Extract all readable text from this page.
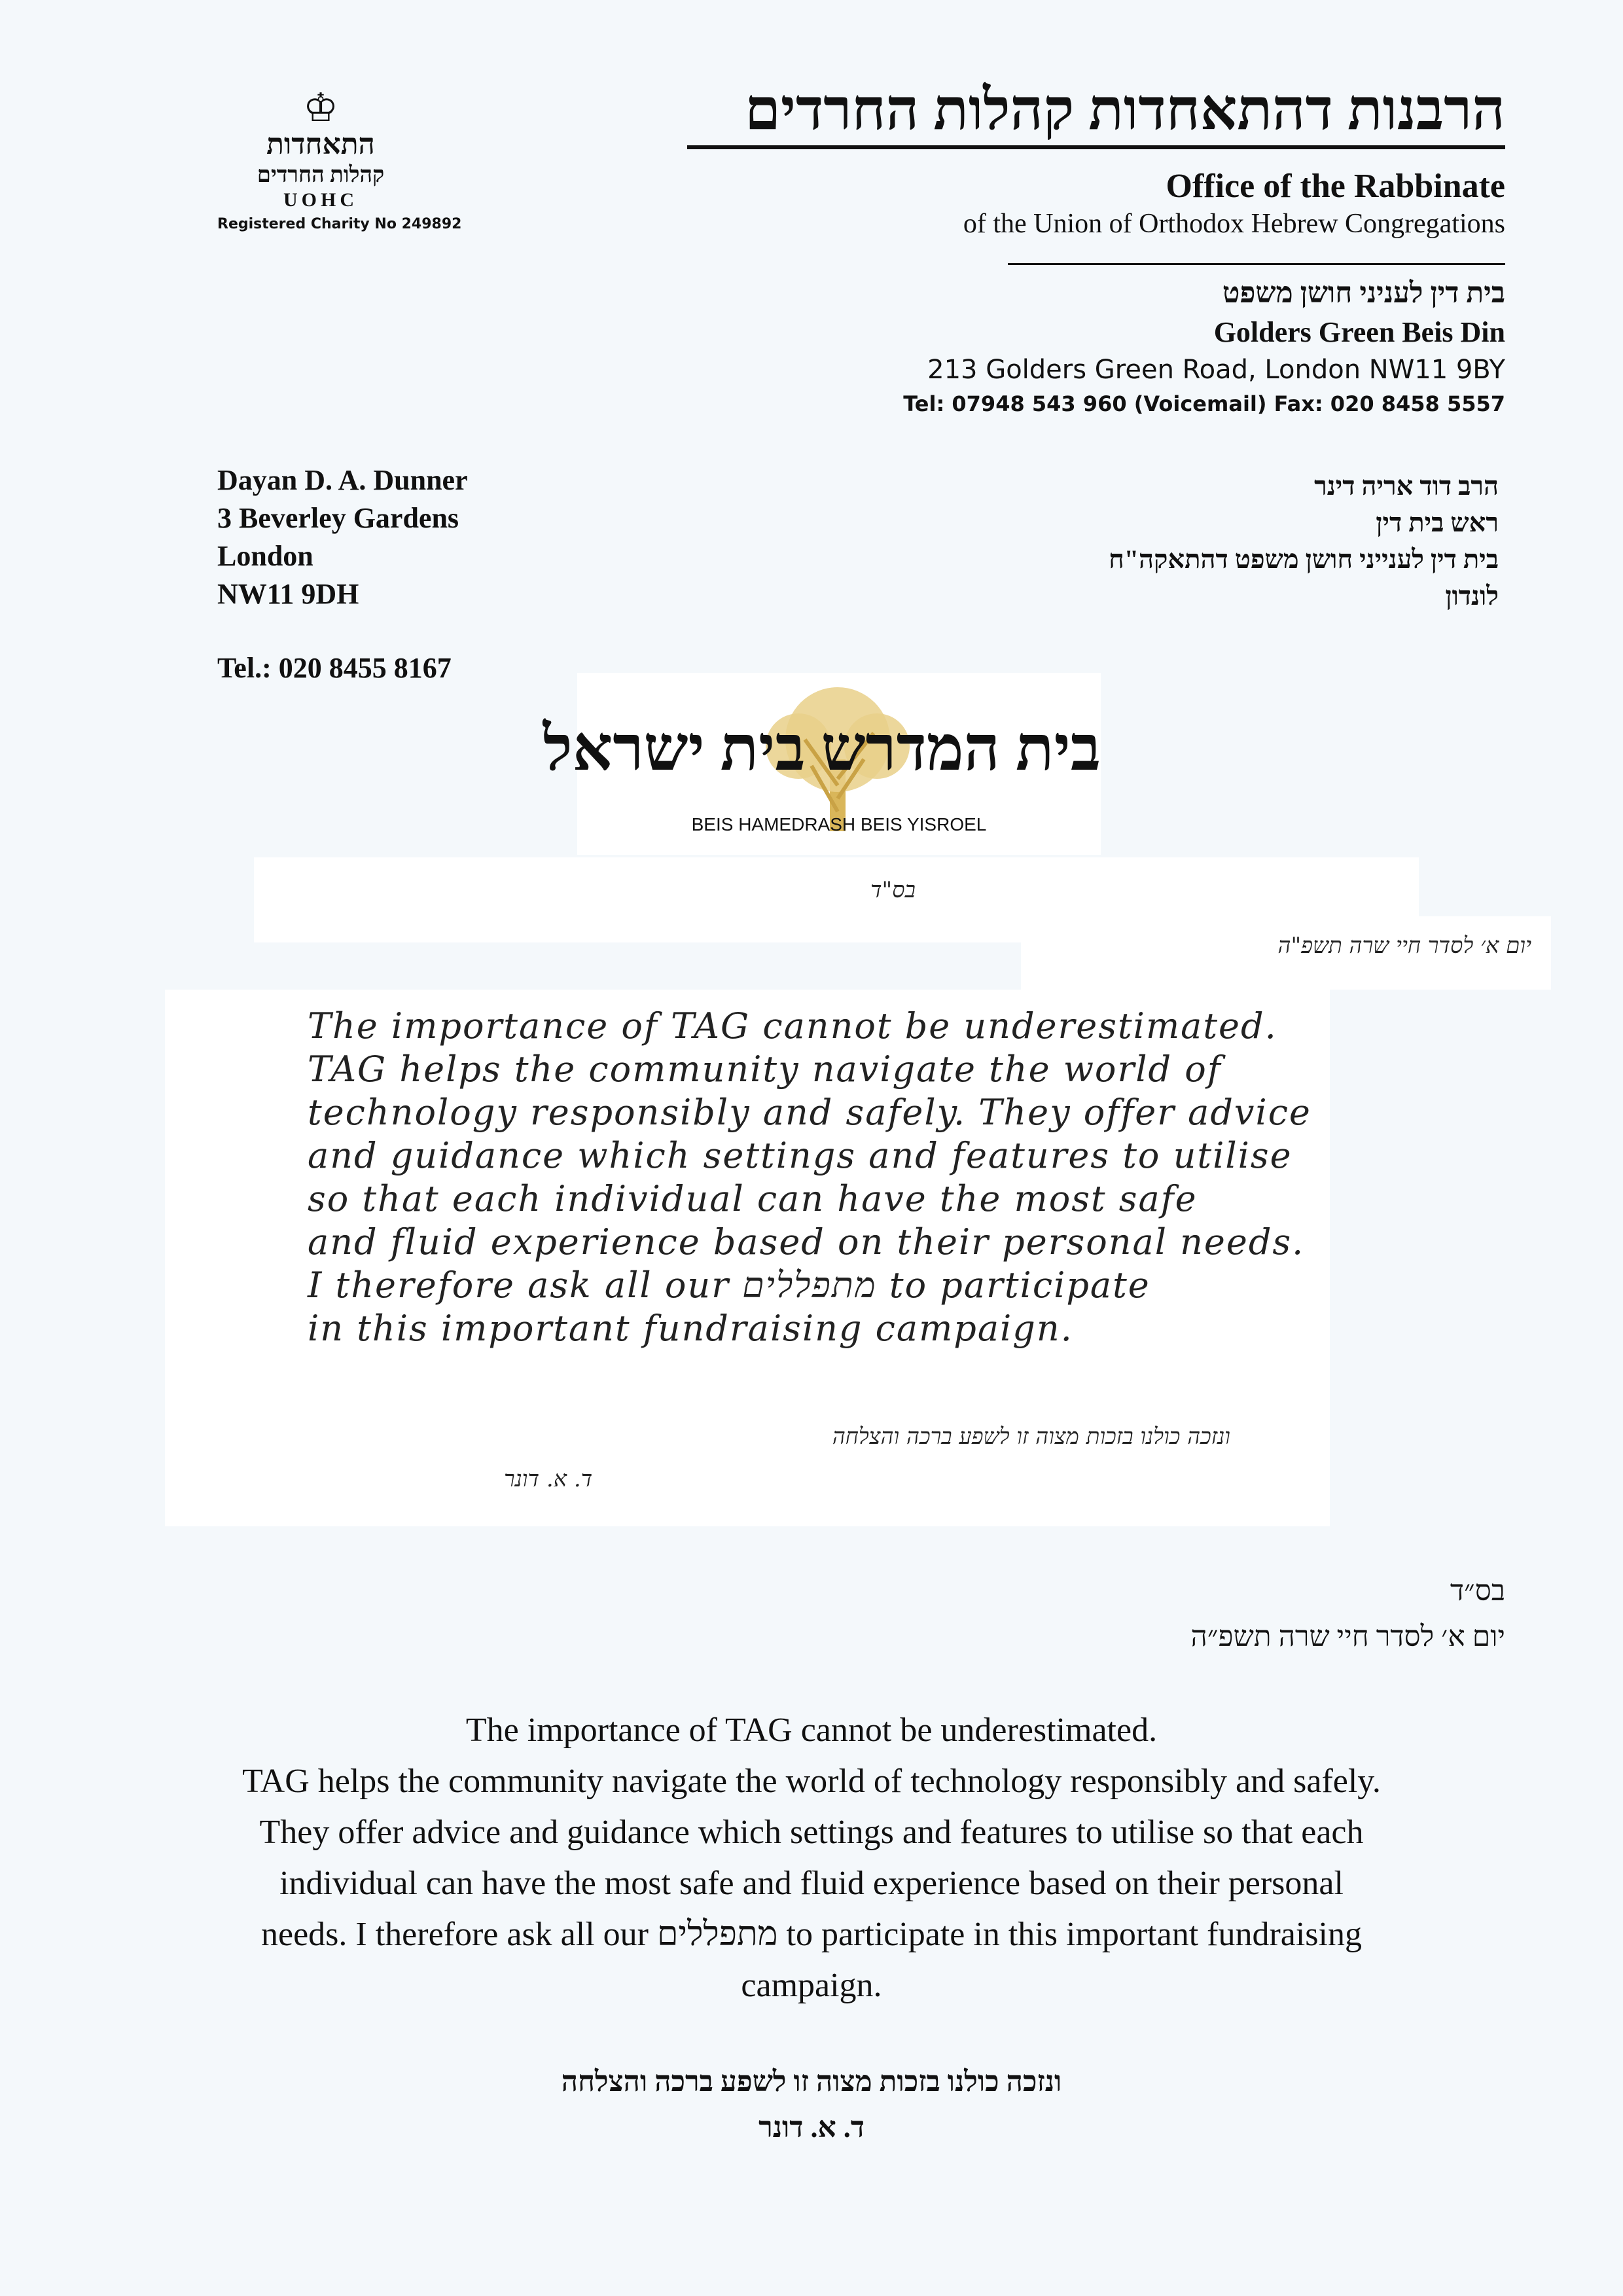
♔
התאחדות
קהלות החרדים
UOHC
Registered Charity No 249892
הרבנות דהתאחדות קהלות החרדים
Office of the Rabbinate
of the Union of Orthodox Hebrew Congregations
בית דין לעניני חושן משפט
Golders Green Beis Din
213 Golders Green Road, London NW11 9BY
Tel: 07948 543 960 (Voicemail) Fax: 020 8458 5557
Dayan D. A. Dunner
3 Beverley Gardens
London
NW11 9DH
Tel.: 020 8455 8167
הרב דוד אריה דינר
ראש בית דין
בית דין לענייני חושן משפט דהתאקה"ח
לונדון
בית המדרש בית ישראל
BEIS HAMEDRASH BEIS YISROEL
בס"ד
יום א׳ לסדר חיי שרה תשפ"ה
The importance of TAG cannot be underestimated.
TAG helps the community navigate the world of
technology responsibly and safely. They offer advice
and guidance which settings and features to utilise
so that each individual can have the most safe
and fluid experience based on their personal needs.
I therefore ask all our מתפללים to participate
in this important fundraising campaign.
ונזכה כולנו בזכות מצוה זו לשפע ברכה והצלחה
ד. א. דונר
בס״ד
יום א׳ לסדר חיי שרה תשפ״ה
The importance of TAG cannot be underestimated.
TAG helps the community navigate the world of technology responsibly and safely.
They offer advice and guidance which settings and features to utilise so that each
individual can have the most safe and fluid experience based on their personal
needs. I therefore ask all our מתפללים to participate in this important fundraising
campaign.
ונזכה כולנו בזכות מצוה זו לשפע ברכה והצלחה
ד. א. דונר
